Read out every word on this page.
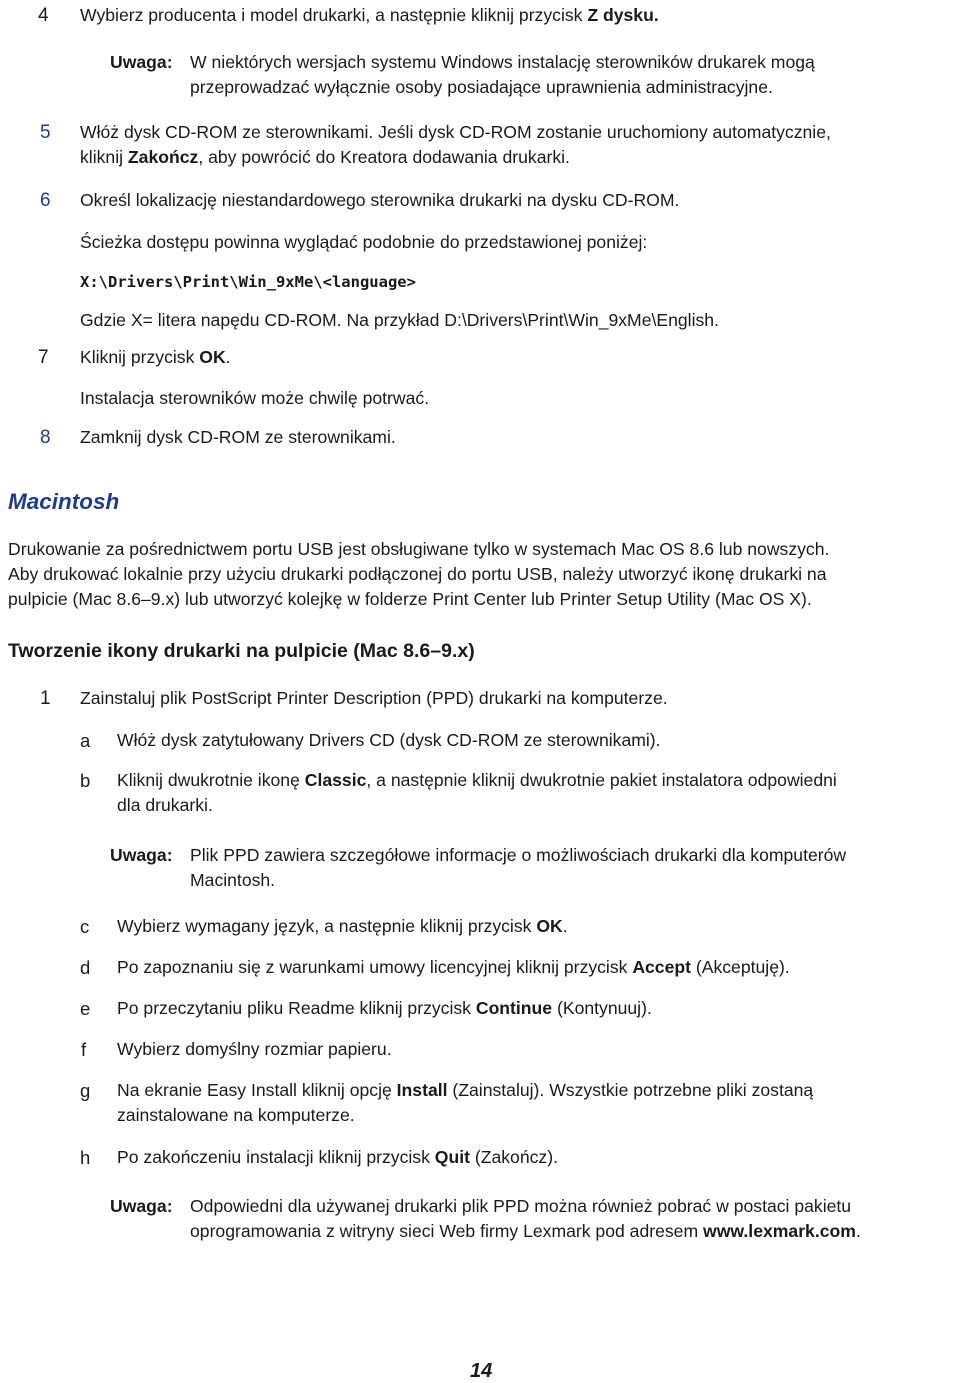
4 Wybierz producenta i model drukarki, a następnie kliknij przycisk Z dysku.
Uwaga: W niektórych wersjach systemu Windows instalację sterowników drukarek mogą
przeprowadzać wyłącznie osoby posiadające uprawnienia administracyjne.
5 Włóż dysk CD-ROM ze sterownikami. Jeśli dysk CD-ROM zostanie uruchomiony automatycznie,
kliknij Zakończ, aby powrócić do Kreatora dodawania drukarki.
6 Określ lokalizację niestandardowego sterownika drukarki na dysku CD-ROM.
Ścieżka dostępu powinna wyglądać podobnie do przedstawionej poniżej:
X:\Drivers\Print\Win_9xMe\<language>
Gdzie X= litera napędu CD-ROM. Na przykład D:\Drivers\Print\Win_9xMe\English.
7 Kliknij przycisk OK.
Instalacja sterowników może chwilę potrwać.
8 Zamknij dysk CD-ROM ze sterownikami.
Macintosh
Drukowanie za pośrednictwem portu USB jest obsługiwane tylko w systemach Mac OS 8.6 lub nowszych.
Aby drukować lokalnie przy użyciu drukarki podłączonej do portu USB, należy utworzyć ikonę drukarki na
pulpicie (Mac 8.6–9.x) lub utworzyć kolejkę w folderze Print Center lub Printer Setup Utility (Mac OS X).
Tworzenie ikony drukarki na pulpicie (Mac 8.6–9.x)
1 Zainstaluj plik PostScript Printer Description (PPD) drukarki na komputerze.
a Włóż dysk zatytułowany Drivers CD (dysk CD-ROM ze sterownikami).
b Kliknij dwukrotnie ikonę Classic, a następnie kliknij dwukrotnie pakiet instalatora odpowiedni
dla drukarki.
Uwaga: Plik PPD zawiera szczegółowe informacje o możliwościach drukarki dla komputerów
Macintosh.
c Wybierz wymagany język, a następnie kliknij przycisk OK.
d Po zapoznaniu się z warunkami umowy licencyjnej kliknij przycisk Accept (Akceptuję).
e Po przeczytaniu pliku Readme kliknij przycisk Continue (Kontynuuj).
f Wybierz domyślny rozmiar papieru.
g Na ekranie Easy Install kliknij opcję Install (Zainstaluj). Wszystkie potrzebne pliki zostaną
zainstalowane na komputerze.
h Po zakończeniu instalacji kliknij przycisk Quit (Zakończ).
Uwaga: Odpowiedni dla używanej drukarki plik PPD można również pobrać w postaci pakietu
oprogramowania z witryny sieci Web firmy Lexmark pod adresem www.lexmark.com.
14
